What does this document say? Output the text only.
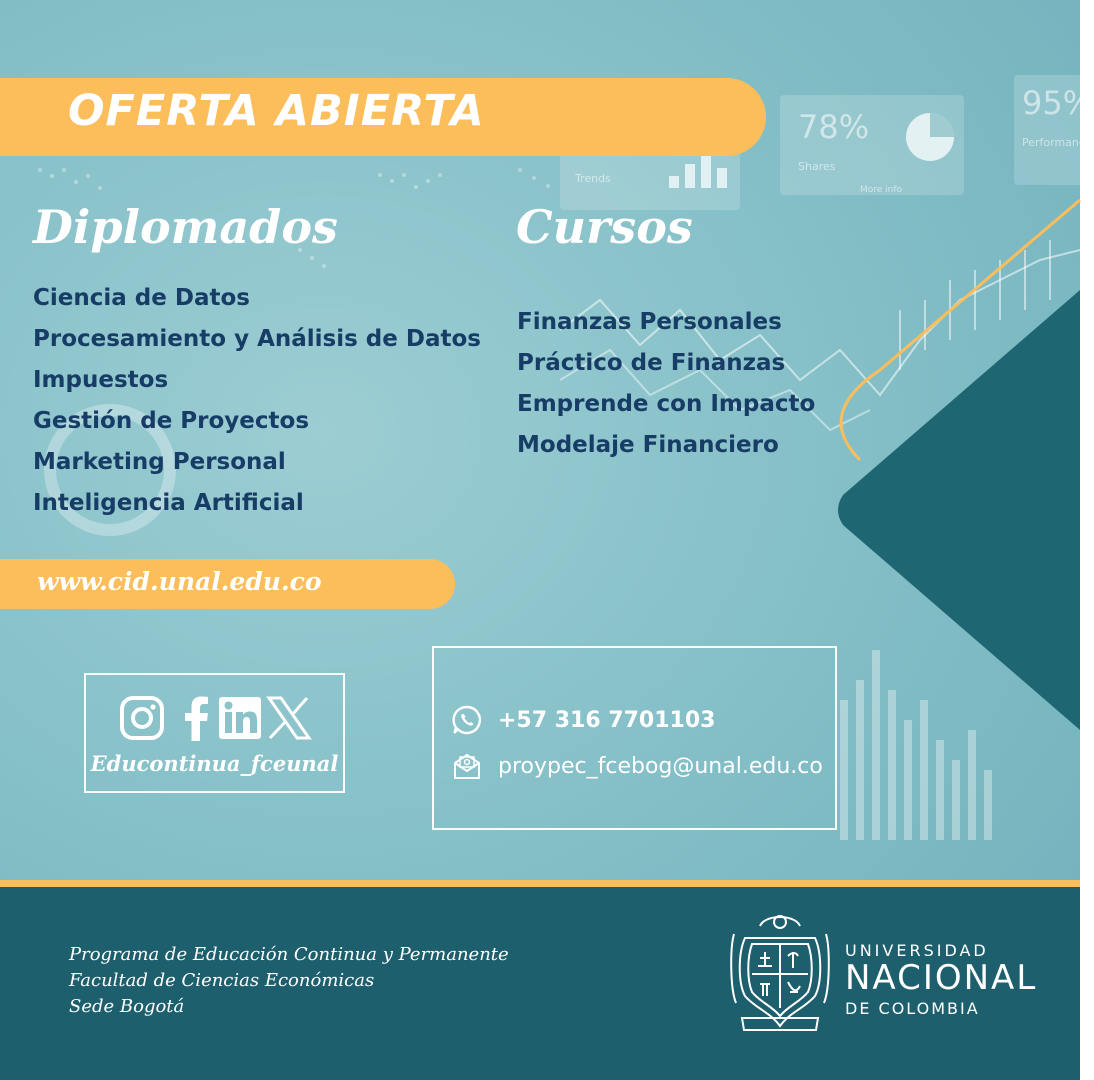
78%
Shares
More info
95%
Performance
Trends
OFERTA ABIERTA
Diplomados
Ciencia de Datos
Procesamiento y Análisis de Datos
Impuestos
Gestión de Proyectos
Marketing Personal
Inteligencia Artificial
Cursos
Finanzas Personales
Práctico de Finanzas
Emprende con Impacto
Modelaje Financiero
www.cid.unal.edu.co
Educontinua_fceunal
+57 316 7701103
proypec_fcebog@unal.edu.co
Programa de Educación Continua y Permanente
Facultad de Ciencias Económicas
Sede Bogotá
UNIVERSIDAD
NACIONAL
DE COLOMBIA
